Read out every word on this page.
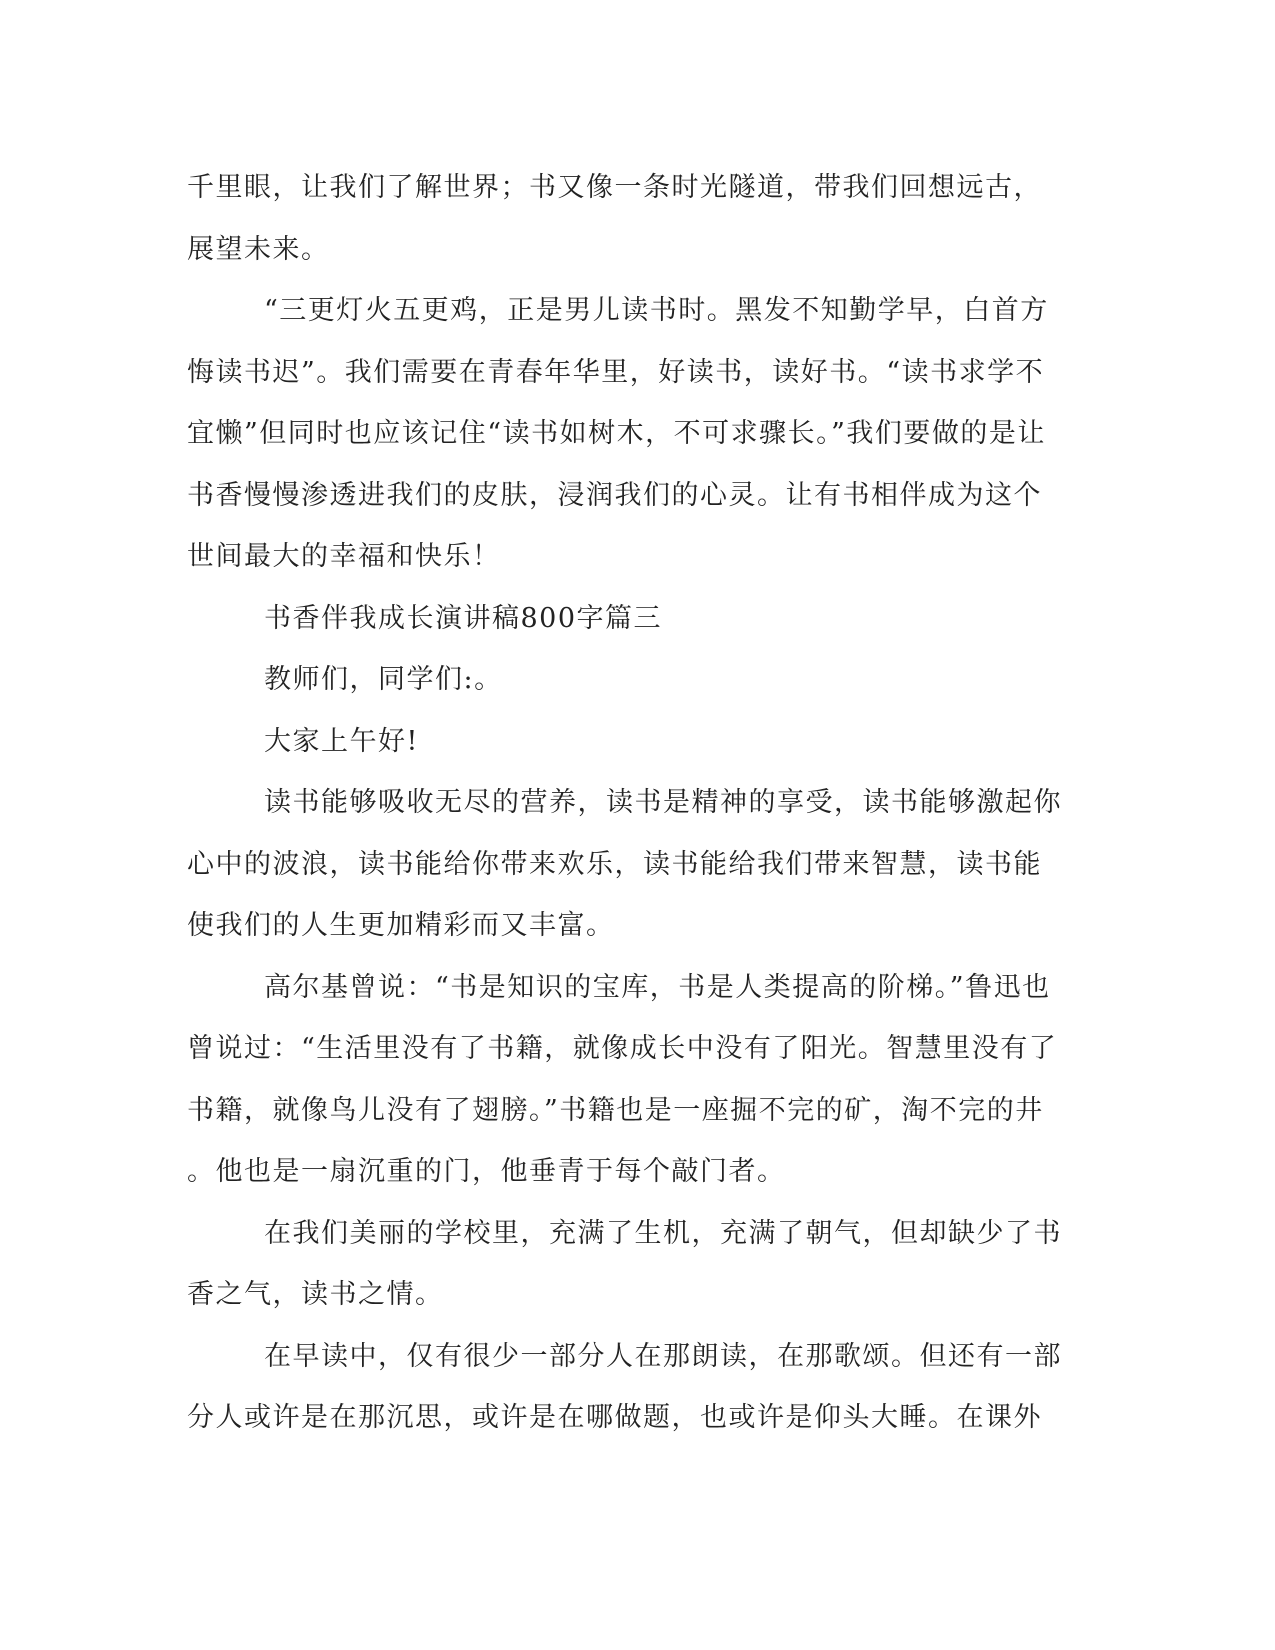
千里眼，让我们了解世界；书又像一条时光隧道，带我们回想远古，
展望未来。
“三更灯火五更鸡，正是男儿读书时。黑发不知勤学早，白首方
悔读书迟”。我们需要在青春年华里，好读书，读好书。“读书求学不
宜懒”但同时也应该记住“读书如树木，不可求骤长。”我们要做的是让
书香慢慢渗透进我们的皮肤，浸润我们的心灵。让有书相伴成为这个
世间最大的幸福和快乐！
书香伴我成长演讲稿800字篇三
教师们，同学们:。
大家上午好!
读书能够吸收无尽的营养，读书是精神的享受，读书能够激起你
心中的波浪，读书能给你带来欢乐，读书能给我们带来智慧，读书能
使我们的人生更加精彩而又丰富。
高尔基曾说：“书是知识的宝库，书是人类提高的阶梯。”鲁迅也
曾说过：“生活里没有了书籍，就像成长中没有了阳光。智慧里没有了
书籍，就像鸟儿没有了翅膀。”书籍也是一座掘不完的矿，淘不完的井
。他也是一扇沉重的门，他垂青于每个敲门者。
在我们美丽的学校里，充满了生机，充满了朝气，但却缺少了书
香之气，读书之情。
在早读中，仅有很少一部分人在那朗读，在那歌颂。但还有一部
分人或许是在那沉思，或许是在哪做题，也或许是仰头大睡。在课外
